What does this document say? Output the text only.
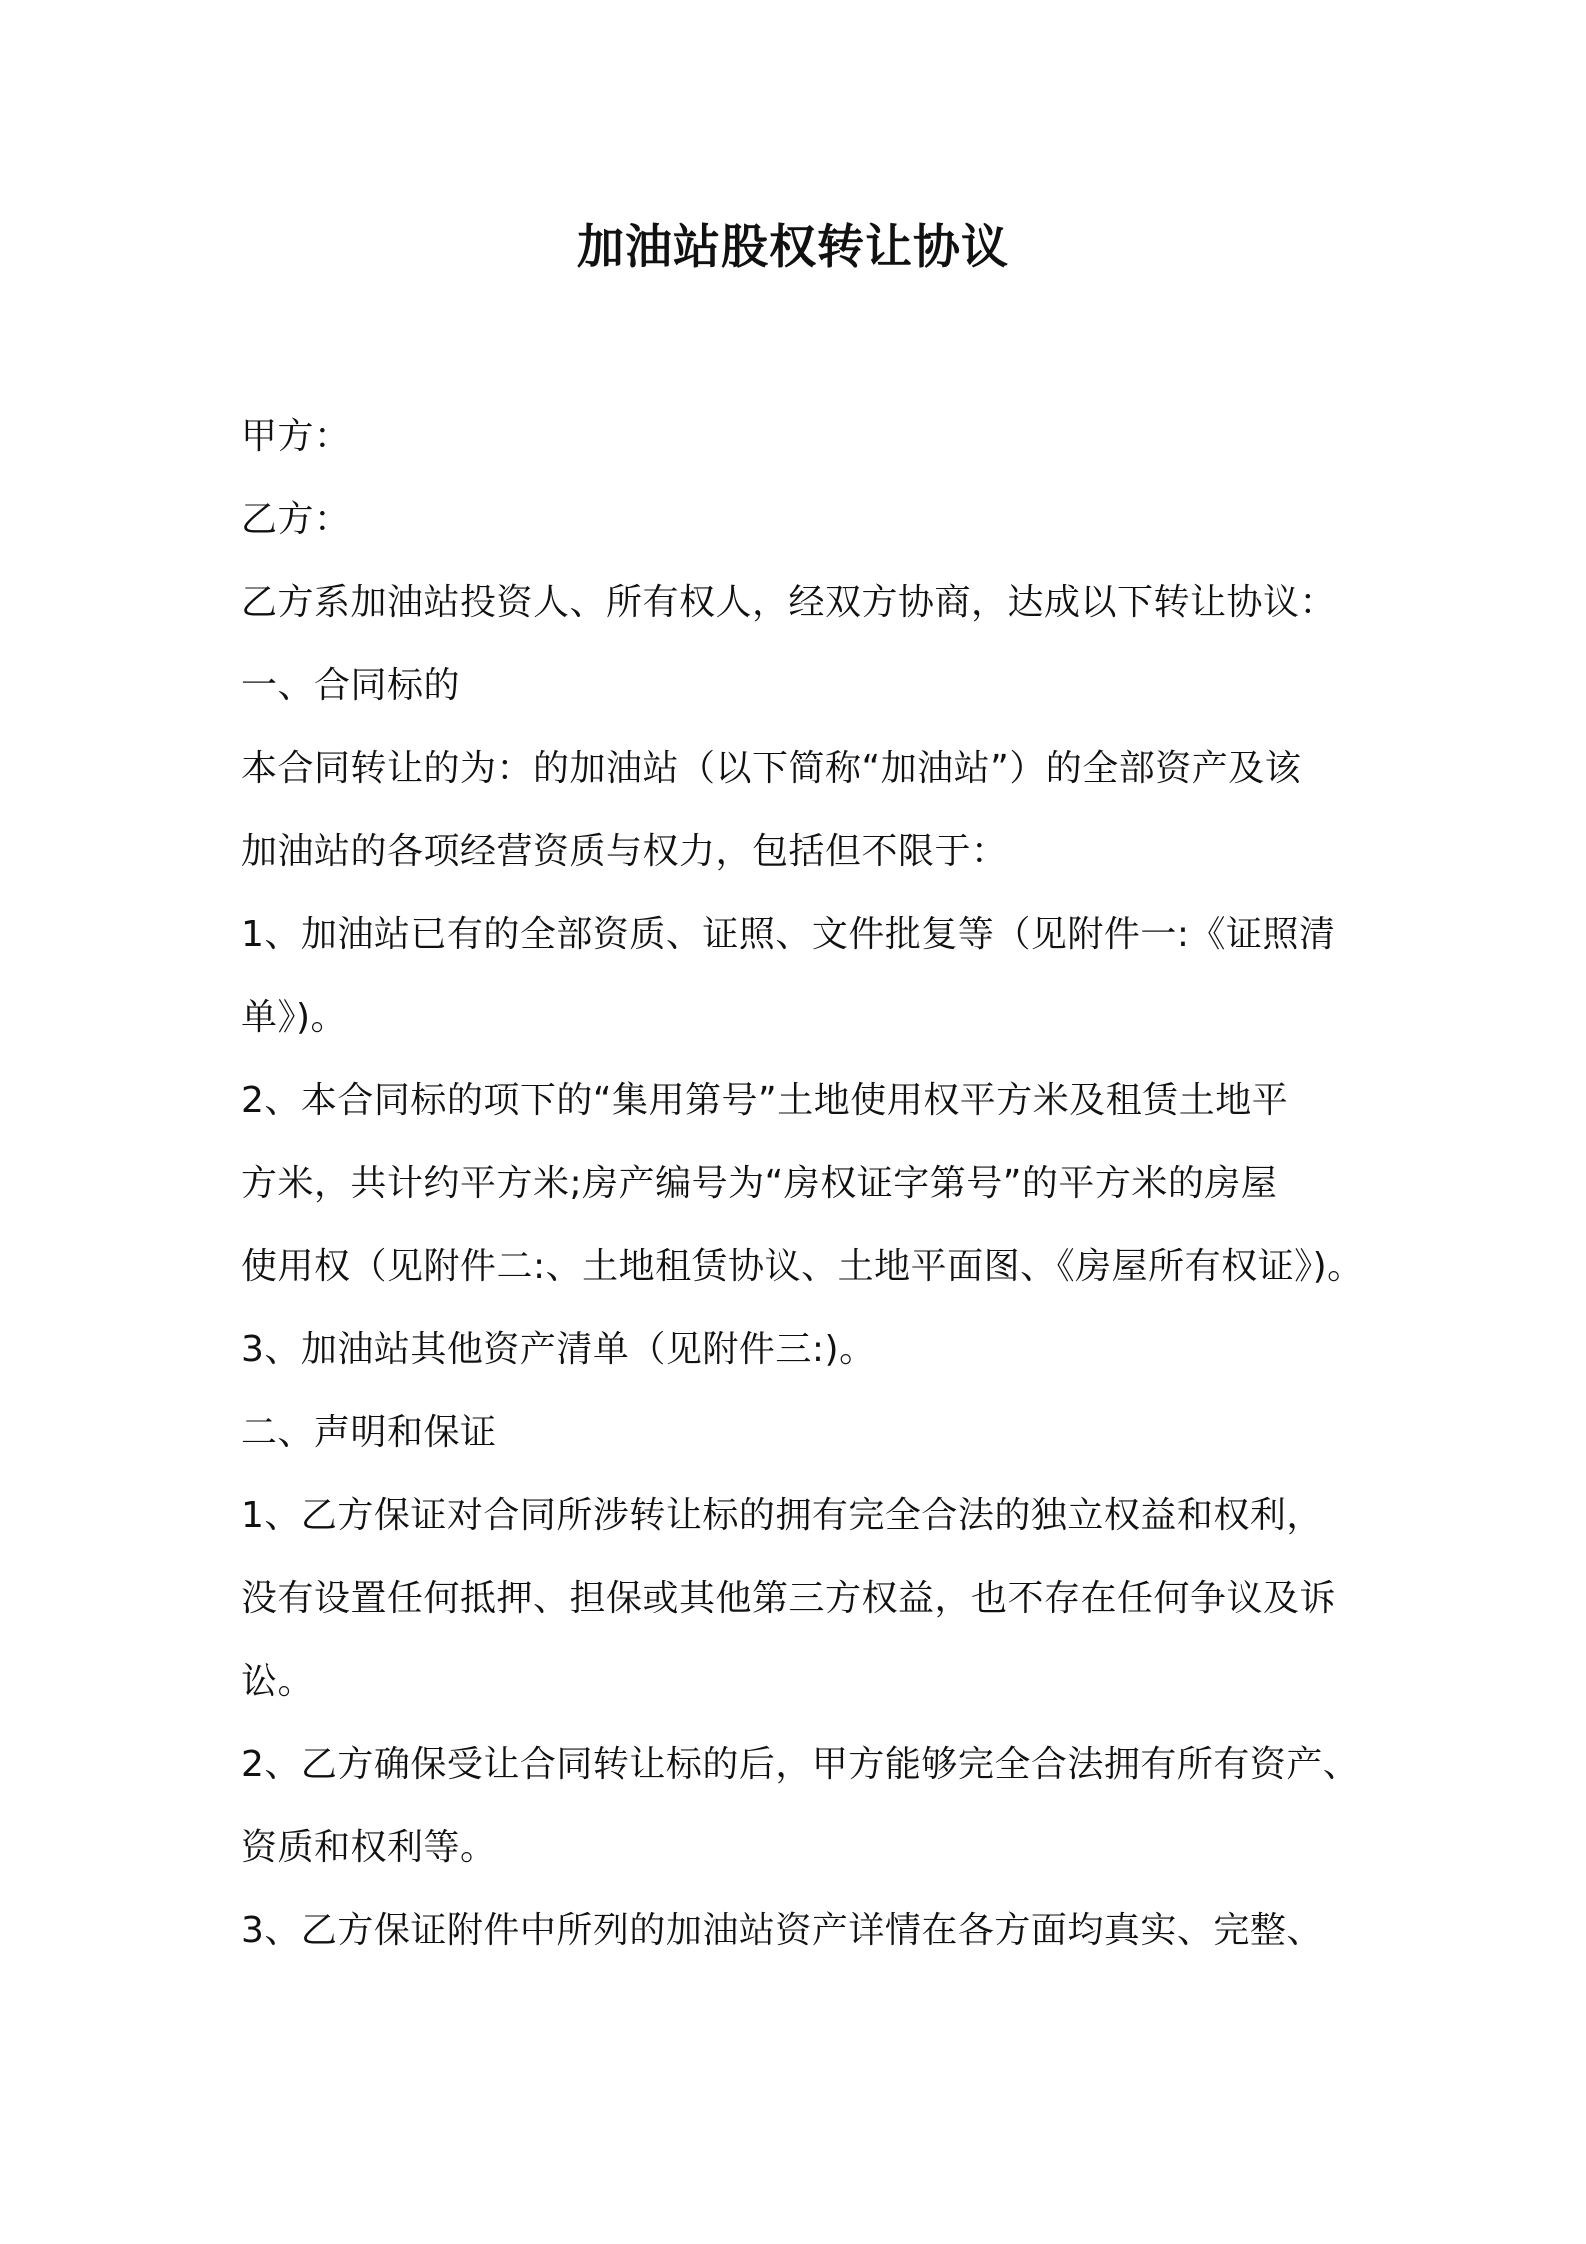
加油站股权转让协议
甲方：
乙方：
乙方系加油站投资人、所有权人，经双方协商，达成以下转让协议：
一、合同标的
本合同转让的为：的加油站（以下简称“加油站”）的全部资产及该
加油站的各项经营资质与权力，包括但不限于：
1、加油站已有的全部资质、证照、文件批复等（见附件一:《证照清
单》)。
2、本合同标的项下的“集用第号”土地使用权平方米及租赁土地平
方米，共计约平方米;房产编号为“房权证字第号”的平方米的房屋
使用权（见附件二:、土地租赁协议、土地平面图、《房屋所有权证》)。
3、加油站其他资产清单（见附件三:)。
二、声明和保证
1、乙方保证对合同所涉转让标的拥有完全合法的独立权益和权利，
没有设置任何抵押、担保或其他第三方权益，也不存在任何争议及诉
讼。
2、乙方确保受让合同转让标的后，甲方能够完全合法拥有所有资产、
资质和权利等。
3、乙方保证附件中所列的加油站资产详情在各方面均真实、完整、
